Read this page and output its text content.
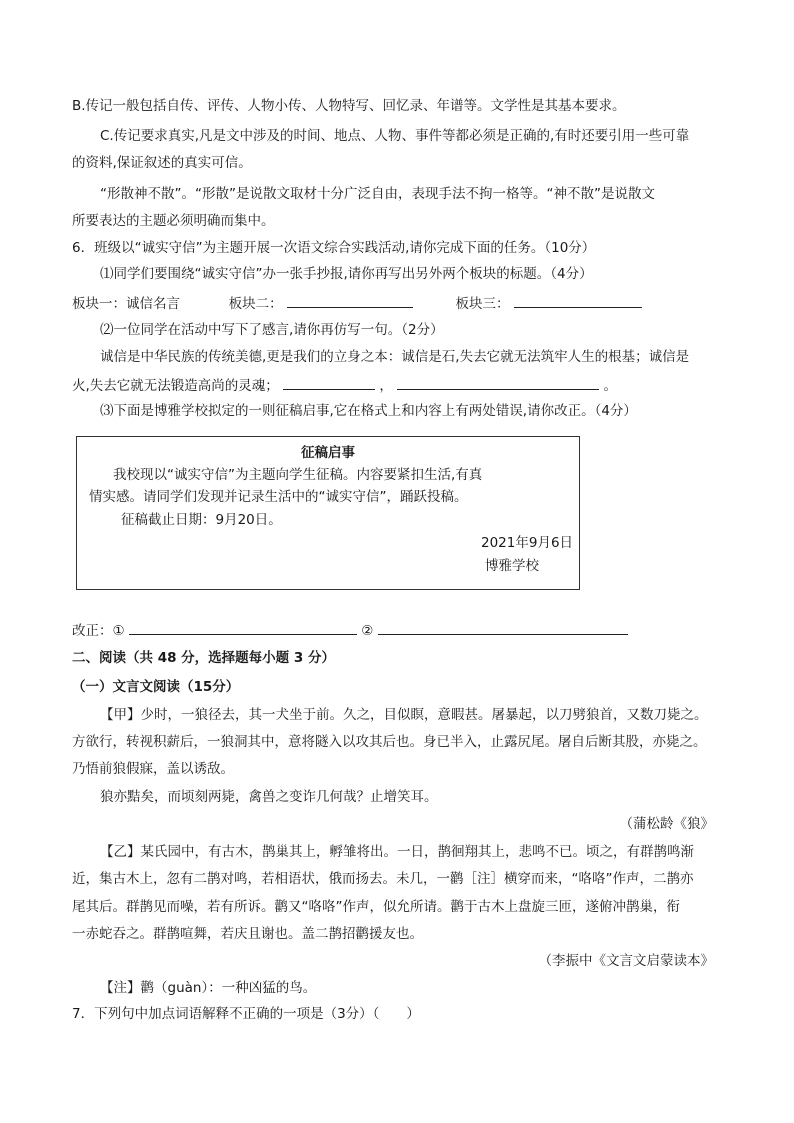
B.传记一般包括自传、评传、人物小传、人物特写、回忆录、年谱等。文学性是其基本要求。
C.传记要求真实,凡是文中涉及的时间、地点、人物、事件等都必须是正确的,有时还要引用一些可靠
的资料,保证叙述的真实可信。
“形散神不散”。“形散”是说散文取材十分广泛自由，表现手法不拘一格等。“神不散”是说散文
所要表达的主题必须明确而集中。
6．班级以“诚实守信”为主题开展一次语文综合实践活动,请你完成下面的任务。（10分）
⑴同学们要围绕“诚实守信”办一张手抄报,请你再写出另外两个板块的标题。（4分）
板块一：诚信名言	板块二：	板块三：
⑵一位同学在活动中写下了感言,请你再仿写一句。（2分）
诚信是中华民族的传统美德,更是我们的立身之本：诚信是石,失去它就无法筑牢人生的根基；诚信是
火,失去它就无法锻造高尚的灵魂；	，	。
⑶下面是博雅学校拟定的一则征稿启事,它在格式上和内容上有两处错误,请你改正。（4分）
征稿启事
我校现以“诚实守信”为主题向学生征稿。内容要紧扣生活,有真
情实感。请同学们发现并记录生活中的“诚实守信”，踊跃投稿。
征稿截止日期：9月20日。
2021年9月6日
博雅学校
改正：①	②
二、阅读（共 48 分，选择题每小题 3 分）
（一）文言文阅读（15分）
【甲】少时，一狼径去，其一犬坐于前。久之，目似瞑，意暇甚。屠暴起，以刀劈狼首，又数刀毙之。
方欲行，转视积薪后，一狼洞其中，意将隧入以攻其后也。身已半入，止露尻尾。屠自后断其股，亦毙之。
乃悟前狼假寐，盖以诱敌。
狼亦黠矣，而顷刻两毙，禽兽之变诈几何哉？止增笑耳。
（蒲松龄《狼》
【乙】某氏园中，有古木，鹊巢其上，孵雏将出。一日，鹊徊翔其上，悲鸣不已。顷之，有群鹊鸣渐
近，集古木上，忽有二鹊对鸣，若相语状，俄而扬去。未几，一鹳［注］横穿而来，“咯咯”作声，二鹊亦
尾其后。群鹊见而噪，若有所诉。鹳又“咯咯”作声，似允所请。鹳于古木上盘旋三匝，遂俯冲鹊巢，衔
一赤蛇吞之。群鹊喧舞，若庆且谢也。盖二鹊招鹳援友也。
（李振中《文言文启蒙读本》
【注】鹳（guàn）：一种凶猛的鸟。
7．下列句中加点词语解释不正确的一项是（3分）（　　）
